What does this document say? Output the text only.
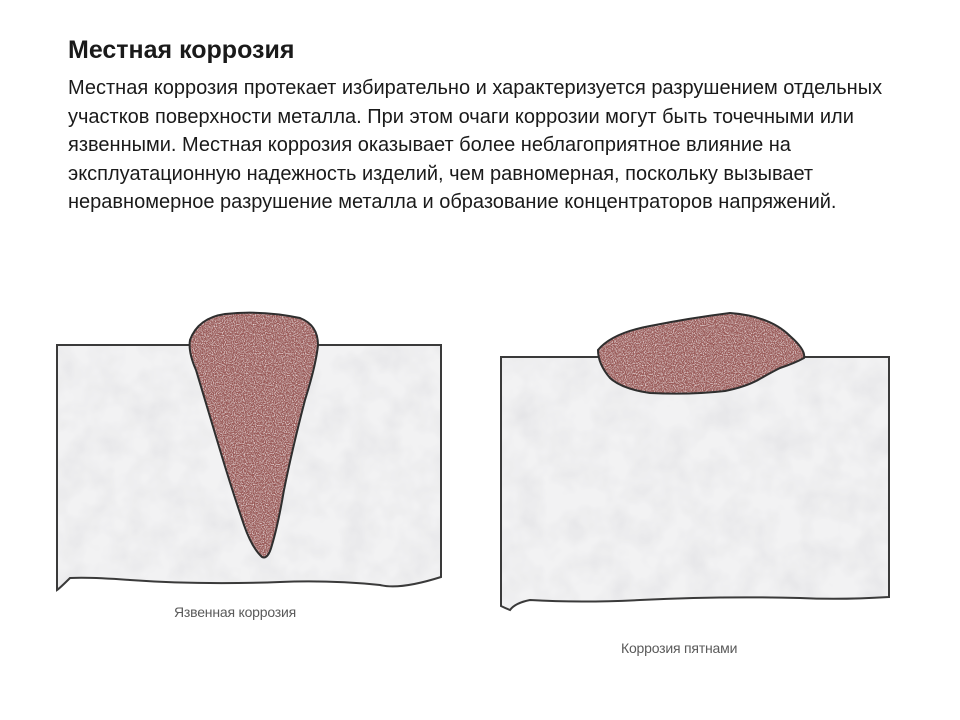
Местная коррозия

Местная коррозия протекает избирательно и характеризуется разрушением отдельных участков поверхности металла. При этом очаги коррозии могут быть точечными или язвенными. Местная коррозия оказывает более неблагоприятное влияние на эксплуатационную надежность изделий, чем равномерная, поскольку вызывает неравномерное разрушение металла и образование концентраторов напряжений.

Язвенная коррозия
Коррозия пятнами
